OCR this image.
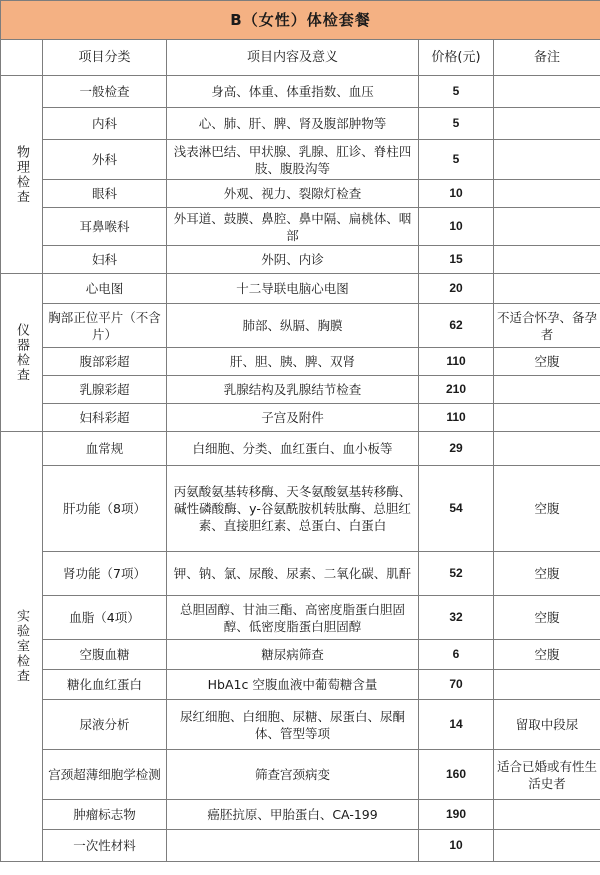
B（女性）体检套餐				
	项目分类	项目内容及意义	价格(元)	备注
物理检查	一般检查	身高、体重、体重指数、血压	5	
	内科	心、肺、肝、脾、肾及腹部肿物等	5	
	外科	浅表淋巴结、甲状腺、乳腺、肛诊、脊柱四肢、腹股沟等	5	
	眼科	外观、视力、裂隙灯检查	10	
	耳鼻喉科	外耳道、鼓膜、鼻腔、鼻中隔、扁桃体、咽部	10	
	妇科	外阴、内诊	15	
仪器检查	心电图	十二导联电脑心电图	20	
	胸部正位平片（不含片）	肺部、纵膈、胸膜	62	不适合怀孕、备孕者
	腹部彩超	肝、胆、胰、脾、双肾	110	空腹
	乳腺彩超	乳腺结构及乳腺结节检查	210	
	妇科彩超	子宫及附件	110	
实验室检查	血常规	白细胞、分类、血红蛋白、血小板等	29	
	肝功能（8项）	丙氨酸氨基转移酶、天冬氨酸氨基转移酶、碱性磷酸酶、y-谷氨酰胺机转肽酶、总胆红素、直接胆红素、总蛋白、白蛋白	54	空腹
	肾功能（7项）	钾、钠、氯、尿酸、尿素、二氧化碳、肌酐	52	空腹
	血脂（4项）	总胆固醇、甘油三酯、高密度脂蛋白胆固醇、低密度脂蛋白胆固醇	32	空腹
	空腹血糖	糖尿病筛查	6	空腹
	糖化血红蛋白	HbA1c 空腹血液中葡萄糖含量	70	
	尿液分析	尿红细胞、白细胞、尿糖、尿蛋白、尿酮体、管型等项	14	留取中段尿
	宫颈超薄细胞学检测	筛查宫颈病变	160	适合已婚或有性生活史者
	肿瘤标志物	癌胚抗原、甲胎蛋白、CA-199	190	
	一次性材料		10	
